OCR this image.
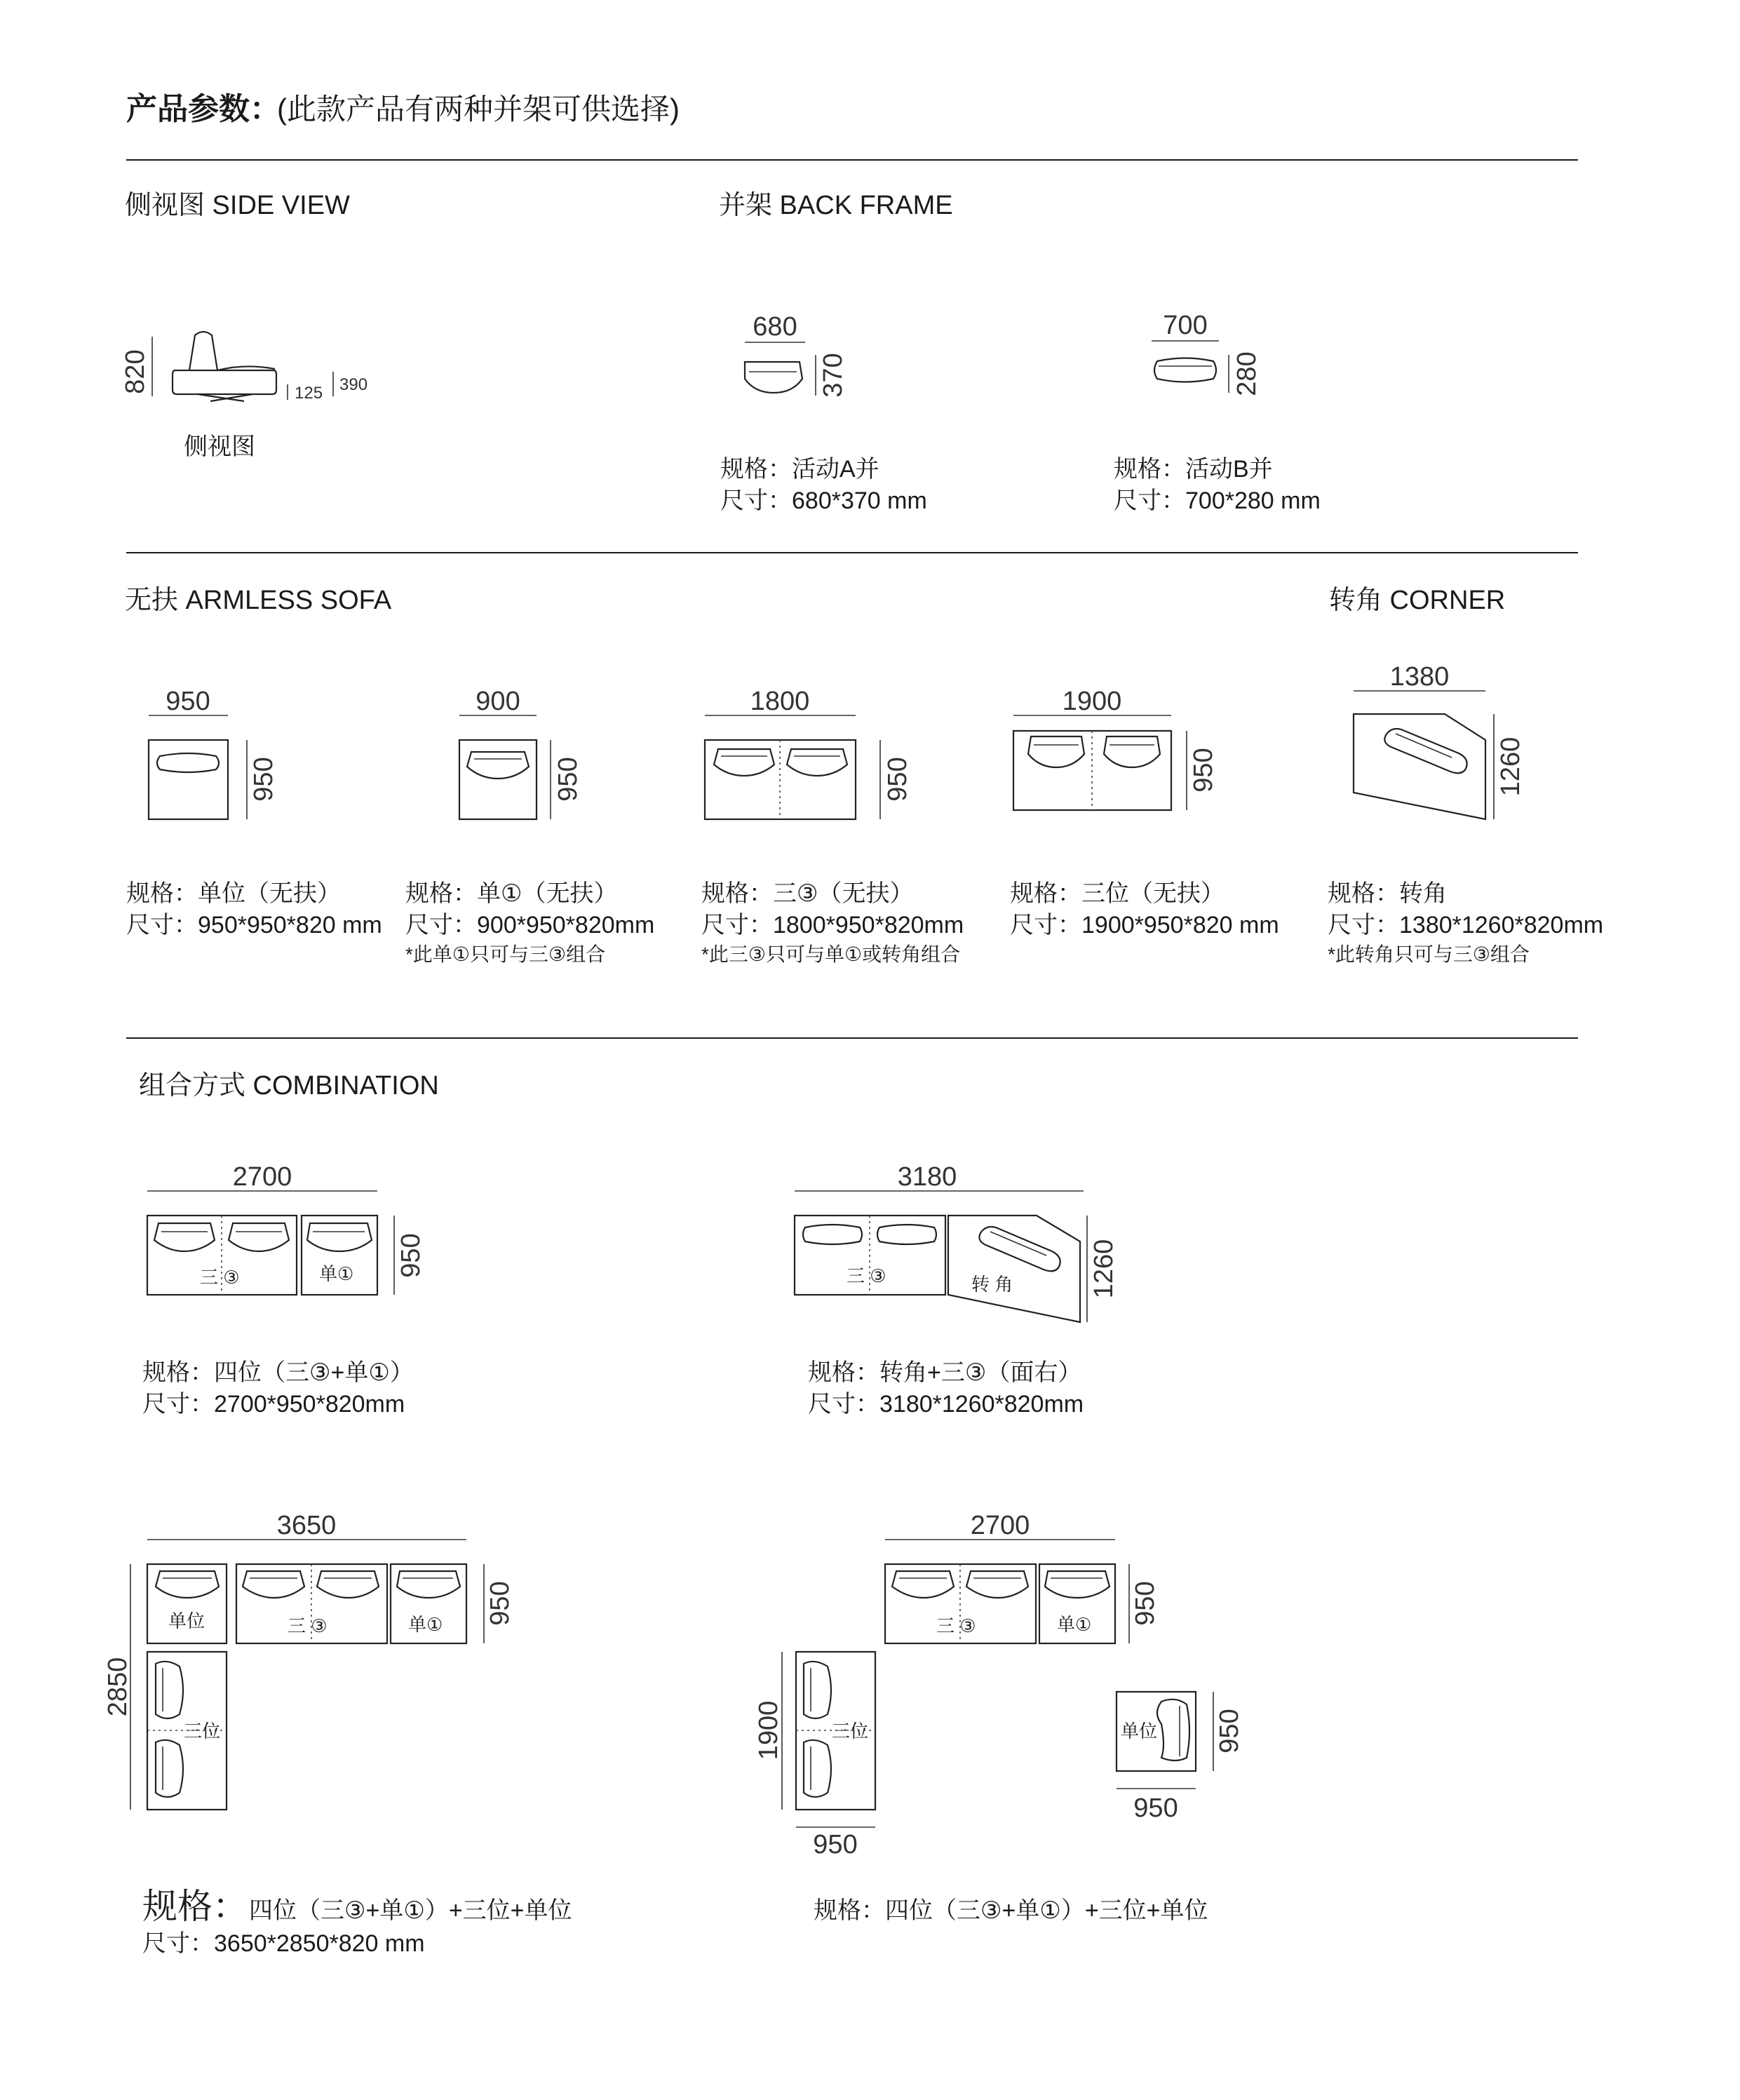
产品参数：
(此款产品有两种并架可供选择)
侧视图 SIDE VIEW
820	125 390
侧视图
并架 BACK FRAME
680
370
规格：活动A并
尺寸：680*370 mm
700
280
规格：活动B并
尺寸：700*280 mm
无扶 ARMLESS SOFA	转角 CORNER
950
950
规格：单位（无扶）
尺寸：950*950*820 mm
900
950
规格：单①（无扶）
尺寸：900*950*820mm
*此单①只可与三③组合
1800
950
规格：三③（无扶）
尺寸：1800*950*820mm
*此三③只可与单①或转角组合
1900
950
规格：三位（无扶）
尺寸：1900*950*820 mm
1380
1260
规格：转角
尺寸：1380*1260*820mm
*此转角只可与三③组合
组合方式 COMBINATION
2700
三 ③	单① 950
规格：四位（三③+单①）
尺寸：2700*950*820mm
3180
三 ③	转 角	1260
规格：转角+三③（面右）
尺寸：3180*1260*820mm
3650
单位	三 ③	单①
三位
2850
950
规格： 四位（三③+单①）+三位+单位
尺寸：3650*2850*820 mm
2700
三 ③	单① 950
三位
1900
950
单位 950
950
规格：四位（三③+单①）+三位+单位
